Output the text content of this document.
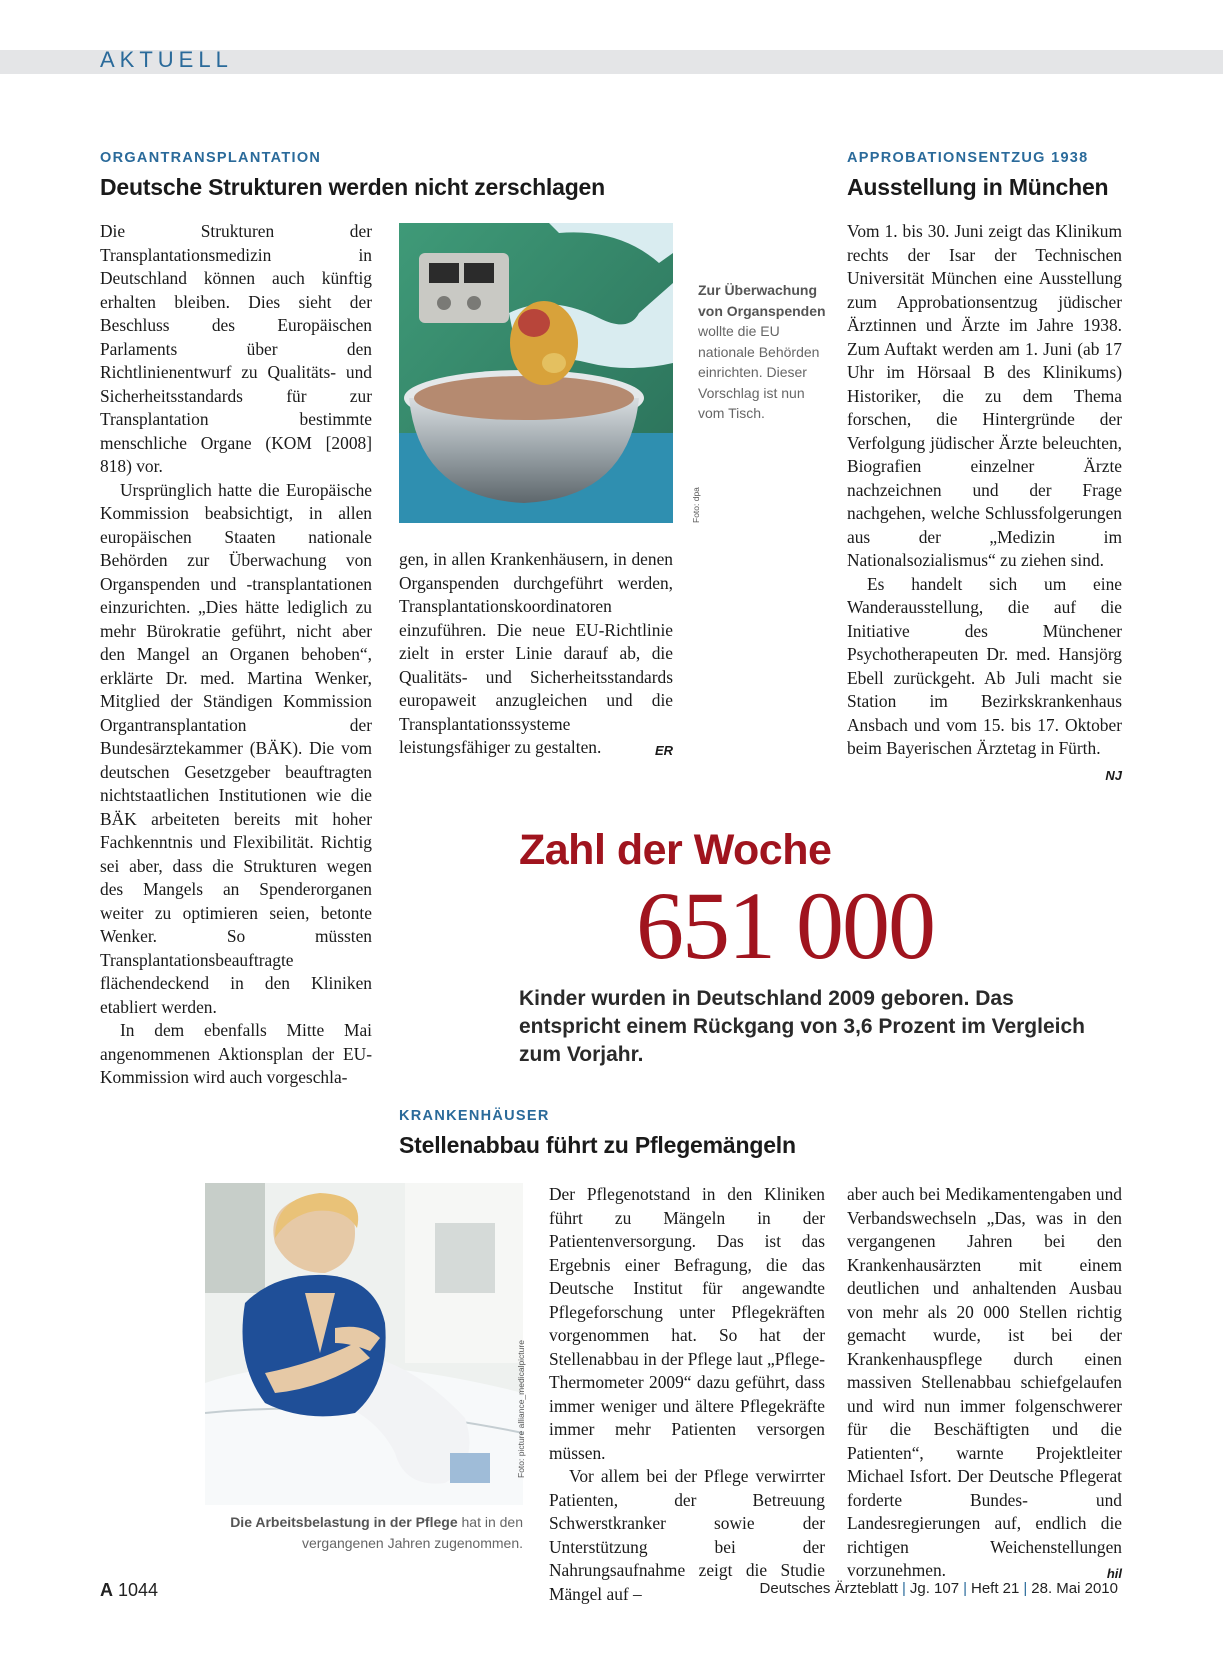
AKTUELL
ORGANTRANSPLANTATION
Deutsche Strukturen werden nicht zerschlagen

Die Strukturen der Transplantationsmedizin in Deutschland können auch künftig erhalten bleiben. Dies sieht der Beschluss des Europäischen Parlaments über den Richtlinienentwurf zu Qualitäts- und Sicherheitsstandards für zur Transplantation bestimmte menschliche Organe (KOM [2008] 818) vor.

Ursprünglich hatte die Europäische Kommission beabsichtigt, in allen europäischen Staaten nationale Behörden zur Überwachung von Organspenden und -transplantationen einzurichten. „Dies hätte lediglich zu mehr Bürokratie geführt, nicht aber den Mangel an Organen behoben“, erklärte Dr. med. Martina Wenker, Mitglied der Ständigen Kommission Organtransplantation der Bundesärztekammer (BÄK). Die vom deutschen Gesetzgeber beauftragten nichtstaatlichen Institutionen wie die BÄK arbeiteten bereits mit hoher Fachkenntnis und Flexibilität. Richtig sei aber, dass die Strukturen wegen des Mangels an Spenderorganen weiter zu optimieren seien, betonte Wenker. So müssten Transplantationsbeauftragte flächendeckend in den Kliniken etabliert werden.

In dem ebenfalls Mitte Mai angenommenen Aktionsplan der EU-Kommission wird auch vorgeschla-

Foto: dpa
Zur Überwachung von Organspenden wollte die EU nationale Behörden einrichten. Dieser Vorschlag ist nun vom Tisch.

gen, in allen Krankenhäusern, in denen Organspenden durchgeführt werden, Transplantationskoordinatoren einzuführen. Die neue EU-Richtlinie zielt in erster Linie darauf ab, die Qualitäts- und Sicherheitsstandards europaweit anzugleichen und die Transplantationssysteme leistungsfähiger zu gestalten.	ER

APPROBATIONSENTZUG 1938
Ausstellung in München

Vom 1. bis 30. Juni zeigt das Klinikum rechts der Isar der Technischen Universität München eine Ausstellung zum Approbationsentzug jüdischer Ärztinnen und Ärzte im Jahre 1938. Zum Auftakt werden am 1. Juni (ab 17 Uhr im Hörsaal B des Klinikums) Historiker, die zu dem Thema forschen, die Hintergründe der Verfolgung jüdischer Ärzte beleuchten, Biografien einzelner Ärzte nachzeichnen und der Frage nachgehen, welche Schlussfolgerungen aus der „Medizin im Nationalsozialismus“ zu ziehen sind.

Es handelt sich um eine Wanderausstellung, die auf die Initiative des Münchener Psychotherapeuten Dr. med. Hansjörg Ebell zurückgeht. Ab Juli macht sie Station im Bezirkskrankenhaus Ansbach und vom 15. bis 17. Oktober beim Bayerischen Ärztetag in Fürth.
NJ

Zahl der Woche
651 000
Kinder wurden in Deutschland 2009 geboren. Das entspricht einem Rückgang von 3,6 Prozent im Vergleich zum Vorjahr.
KRANKENHÄUSER
Stellenabbau führt zu Pflegemängeln
Foto: picture alliance_medicalpicture
Die Arbeitsbelastung in der Pflege hat in den vergangenen Jahren zugenommen.

Der Pflegenotstand in den Kliniken führt zu Mängeln in der Patientenversorgung. Das ist das Ergebnis einer Befragung, die das Deutsche Institut für angewandte Pflegeforschung unter Pflegekräften vorgenommen hat. So hat der Stellenabbau in der Pflege laut „Pflege-Thermometer 2009“ dazu geführt, dass immer weniger und ältere Pflegekräfte immer mehr Patienten versorgen müssen.

Vor allem bei der Pflege verwirrter Patienten, der Betreuung Schwerstkranker sowie der Unterstützung bei der Nahrungsaufnahme zeigt die Studie Mängel auf –

aber auch bei Medikamentengaben und Verbandswechseln „Das, was in den vergangenen Jahren bei den Krankenhausärzten mit einem deutlichen und anhaltenden Ausbau von mehr als 20 000 Stellen richtig gemacht wurde, ist bei der Krankenhauspflege durch einen massiven Stellenabbau schiefgelaufen und wird nun immer folgenschwerer für die Beschäftigten und die Patienten“, warnte Projektleiter Michael Isfort. Der Deutsche Pflegerat forderte Bundes- und Landesregierungen auf, endlich die richtigen Weichenstellungen vorzunehmen.	hil

A 1044	Deutsches Ärzteblatt | Jg. 107 | Heft 21 | 28. Mai 2010
